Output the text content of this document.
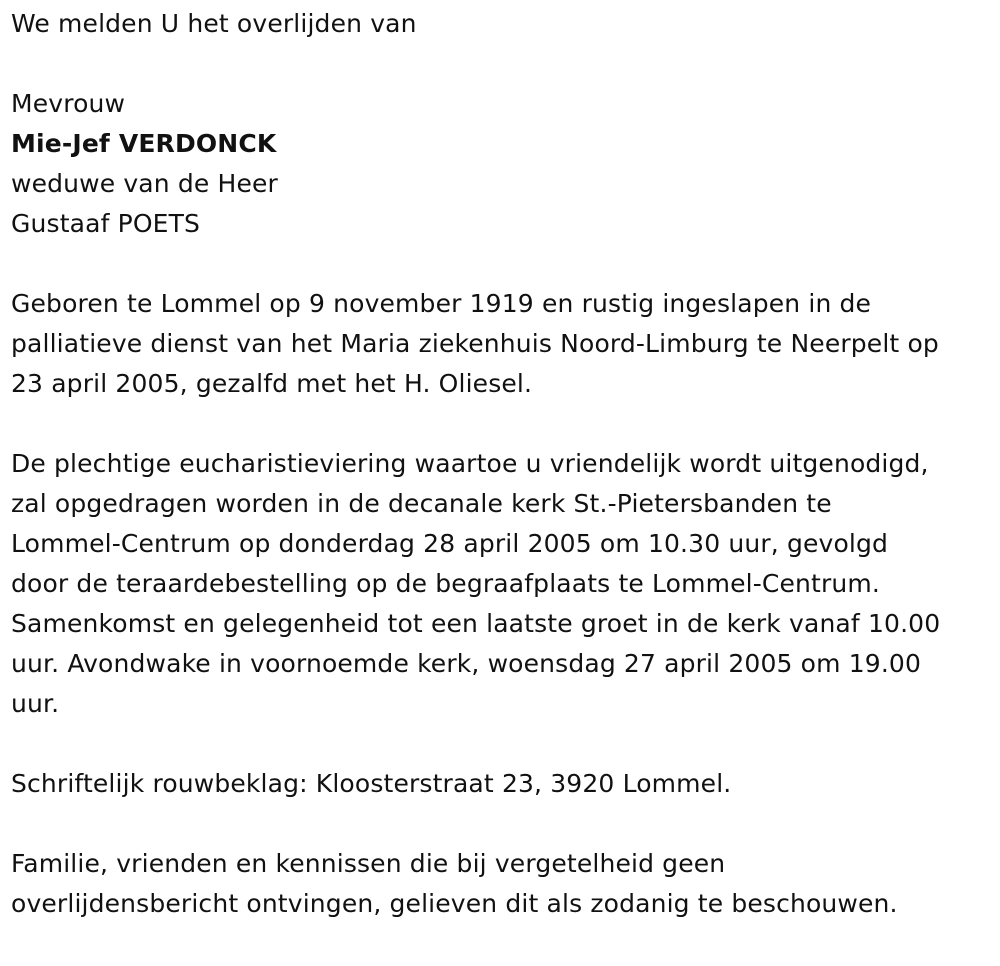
We melden U het overlijden van
Mevrouw
Mie-Jef VERDONCK
weduwe van de Heer
Gustaaf POETS
Geboren te Lommel op 9 november 1919 en rustig ingeslapen in de
palliatieve dienst van het Maria ziekenhuis Noord-Limburg te Neerpelt op
23 april 2005, gezalfd met het H. Oliesel.
De plechtige eucharistieviering waartoe u vriendelijk wordt uitgenodigd,
zal opgedragen worden in de decanale kerk St.-Pietersbanden te
Lommel-Centrum op donderdag 28 april 2005 om 10.30 uur, gevolgd
door de teraardebestelling op de begraafplaats te Lommel-Centrum.
Samenkomst en gelegenheid tot een laatste groet in de kerk vanaf 10.00
uur. Avondwake in voornoemde kerk, woensdag 27 april 2005 om 19.00
uur.
Schriftelijk rouwbeklag: Kloosterstraat 23, 3920 Lommel.
Familie, vrienden en kennissen die bij vergetelheid geen
overlijdensbericht ontvingen, gelieven dit als zodanig te beschouwen.
